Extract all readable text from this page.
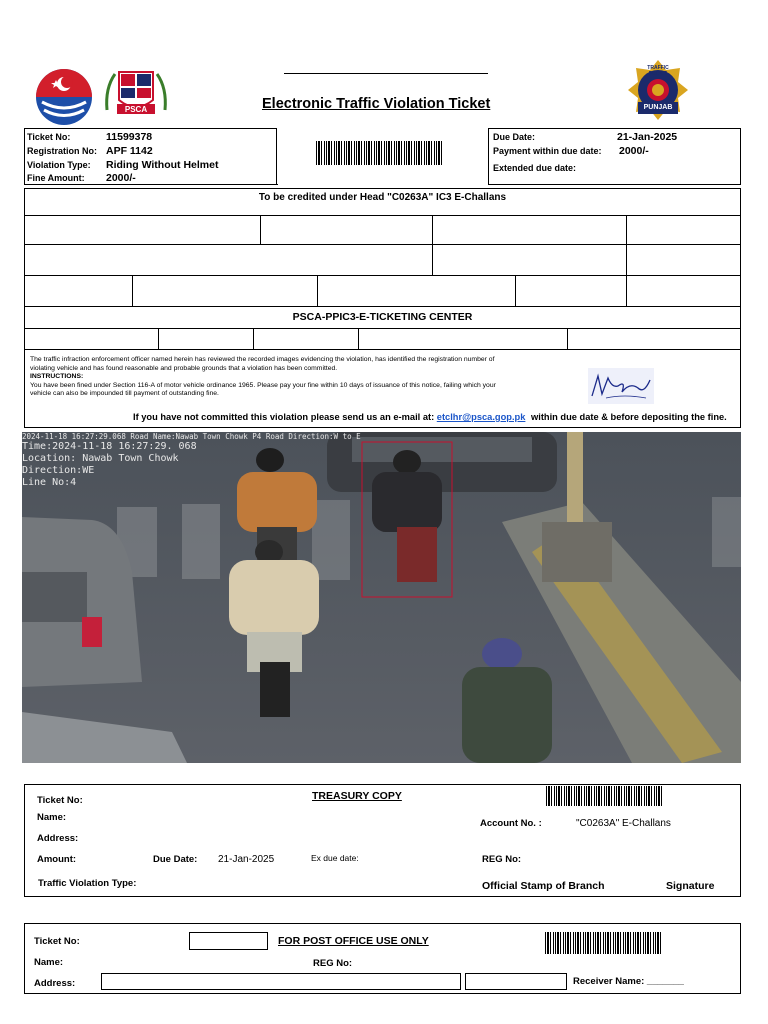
PSCA	Electronic Traffic Violation Ticket
TRAFFIC POLICE
PUNJAB
Ticket No:	11599378
Registration No: APF 1142
Violation Type: Riding Without Helmet
Fine Amount: 2000/-
Due Date:	21-Jan-2025
Payment within due date: 2000/-
Extended due date:
To be credited under Head "C0263A" IC3 E-Challans
PSCA-PPIC3-E-TICKETING CENTER
The traffic infraction enforcement officer named herein has reviewed the recorded images evidencing the violation, has identified the registration number of
violating vehicle and has found reasonable and probable grounds that a violation has been committed.
INSTRUCTIONS:
You have been fined under Section 116-A of motor vehicle ordinance 1965. Please pay your fine within 10 days of issuance of this notice, failing which your
vehicle can also be impounded till payment of outstanding fine.
If you have not committed this violation please send us an e-mail at: etclhr@psca.gop.pk within due date & before depositing the fine.
2024-11-18 16:27:29.068 Road Name:Nawab Town Chowk P4 Road Direction:W to E
Time:2024-11-18 16:27:29. 068
Location: Nawab Town Chowk
Direction:WE
Line No:4
Ticket No:	TREASURY COPY
Name:
Account No. :	"C0263A" E-Challans
Address:
Amount:	Due Date: 21-Jan-2025	Ex due date:	REG No:
Traffic Violation Type:	Official Stamp of Branch	Signature
Ticket No:	FOR POST OFFICE USE ONLY
Name:	REG No:
Address:	Receiver Name: _______
